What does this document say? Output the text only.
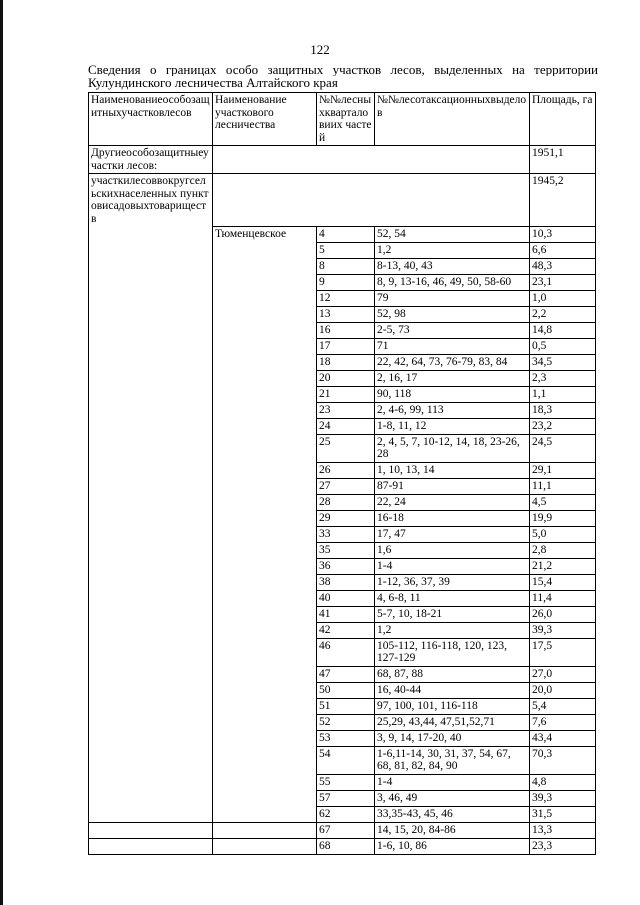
122
Сведения о границах особо защитных участков лесов, выделенных на территории
Кулундинского лесничества Алтайского края
Наименованиеособозащитныхучастковлесов	Наименование участкового лесничества	№№лесныхкварталовиих частей	№№лесотаксационныхвыделов	Площадь, га
Другиеособозащитныеучастки лесов:				1951,1
участкилесоввокругсельскихнаселенных пунктовисадовыхтовариществ				1945,2
	Тюменцевское	4	52, 54	10,3
		5	1,2	6,6
		8	8-13, 40, 43	48,3
		9	8, 9, 13-16, 46, 49, 50, 58-60	23,1
		12	79	1,0
		13	52, 98	2,2
		16	2-5, 73	14,8
		17	71	0,5
		18	22, 42, 64, 73, 76-79, 83, 84	34,5
		20	2, 16, 17	2,3
		21	90, 118	1,1
		23	2, 4-6, 99, 113	18,3
		24	1-8, 11, 12	23,2
		25	2, 4, 5, 7, 10-12, 14, 18, 23-26, 28	24,5
		26	1, 10, 13, 14	29,1
		27	87-91	11,1
		28	22, 24	4,5
		29	16-18	19,9
		33	17, 47	5,0
		35	1,6	2,8
		36	1-4	21,2
		38	1-12, 36, 37, 39	15,4
		40	4, 6-8, 11	11,4
		41	5-7, 10, 18-21	26,0
		42	1,2	39,3
		46	105-112, 116-118, 120, 123, 127-129	17,5
		47	68, 87, 88	27,0
		50	16, 40-44	20,0
		51	97, 100, 101, 116-118	5,4
		52	25,29, 43,44, 47,51,52,71	7,6
		53	3, 9, 14, 17-20, 40	43,4
		54	1-6,11-14, 30, 31, 37, 54, 67, 68, 81, 82, 84, 90	70,3
		55	1-4	4,8
		57	3, 46, 49	39,3
		62	33,35-43, 45, 46	31,5
		67	14, 15, 20, 84-86	13,3
		68	1-6, 10, 86	23,3
